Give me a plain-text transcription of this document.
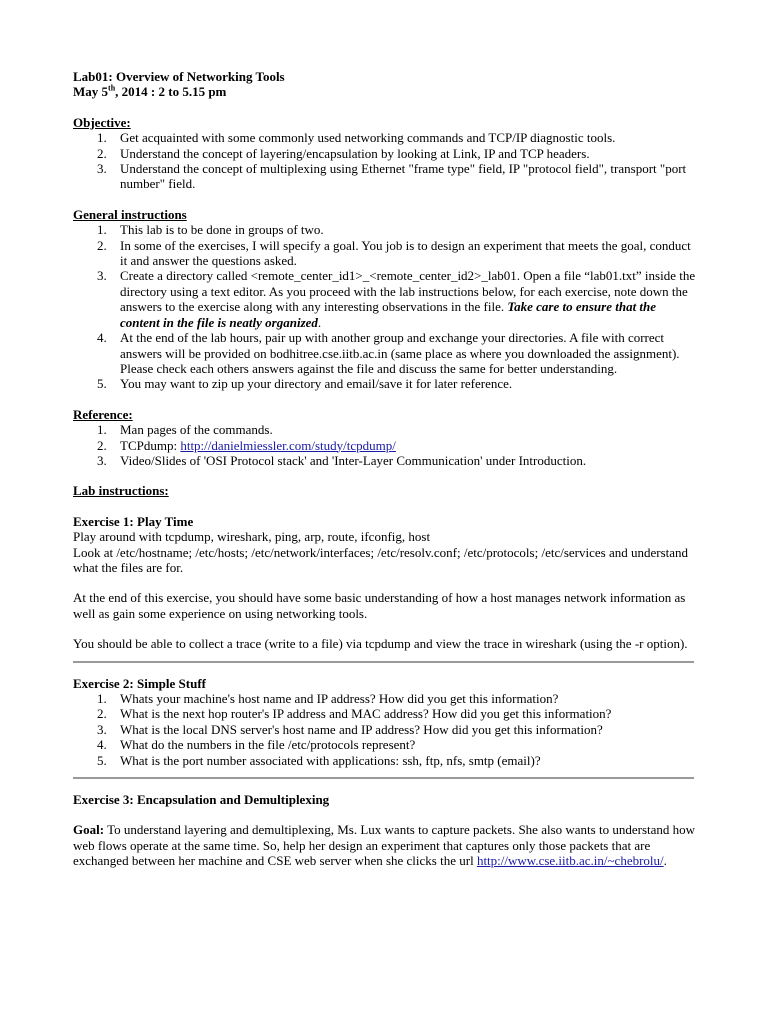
Lab01: Overview of Networking Tools
May 5th, 2014 : 2 to 5.15 pm
Objective:
1. Get acquainted with some commonly used networking commands and TCP/IP diagnostic tools.
2. Understand the concept of layering/encapsulation by looking at Link, IP and TCP headers.
3. Understand the concept of multiplexing using Ethernet "frame type" field, IP "protocol field", transport "port number" field.
General instructions
1. This lab is to be done in groups of two.
2. In some of the exercises, I will specify a goal. You job is to design an experiment that meets the goal, conduct it and answer the questions asked.
3. Create a directory called <remote_center_id1>_<remote_center_id2>_lab01. Open a file “lab01.txt” inside the directory using a text editor. As you proceed with the lab instructions below, for each exercise, note down the answers to the exercise along with any interesting observations in the file. Take care to ensure that the content in the file is neatly organized.
4. At the end of the lab hours, pair up with another group and exchange your directories. A file with correct answers will be provided on bodhitree.cse.iitb.ac.in (same place as where you downloaded the assignment). Please check each others answers against the file and discuss the same for better understanding.
5. You may want to zip up your directory and email/save it for later reference.
Reference:
1. Man pages of the commands.
2. TCPdump: http://danielmiessler.com/study/tcpdump/
3. Video/Slides of 'OSI Protocol stack' and 'Inter-Layer Communication' under Introduction.
Lab instructions:
Exercise 1: Play Time

Play around with tcpdump, wireshark, ping, arp, route, ifconfig, host

Look at /etc/hostname; /etc/hosts; /etc/network/interfaces; /etc/resolv.conf; /etc/protocols; /etc/services and understand what the files are for.

At the end of this exercise, you should have some basic understanding of how a host manages network information as well as gain some experience on using networking tools.

You should be able to collect a trace (write to a file) via tcpdump and view the trace in wireshark (using the -r option).

Exercise 2: Simple Stuff
1. Whats your machine's host name and IP address? How did you get this information?
2. What is the next hop router's IP address and MAC address? How did you get this information?
3. What is the local DNS server's host name and IP address? How did you get this information?
4. What do the numbers in the file /etc/protocols represent?
5. What is the port number associated with applications: ssh, ftp, nfs, smtp (email)?
Exercise 3: Encapsulation and Demultiplexing

Goal: To understand layering and demultiplexing, Ms. Lux wants to capture packets. She also wants to understand how web flows operate at the same time. So, help her design an experiment that captures only those packets that are exchanged between her machine and CSE web server when she clicks the url http://www.cse.iitb.ac.in/~chebrolu/.
